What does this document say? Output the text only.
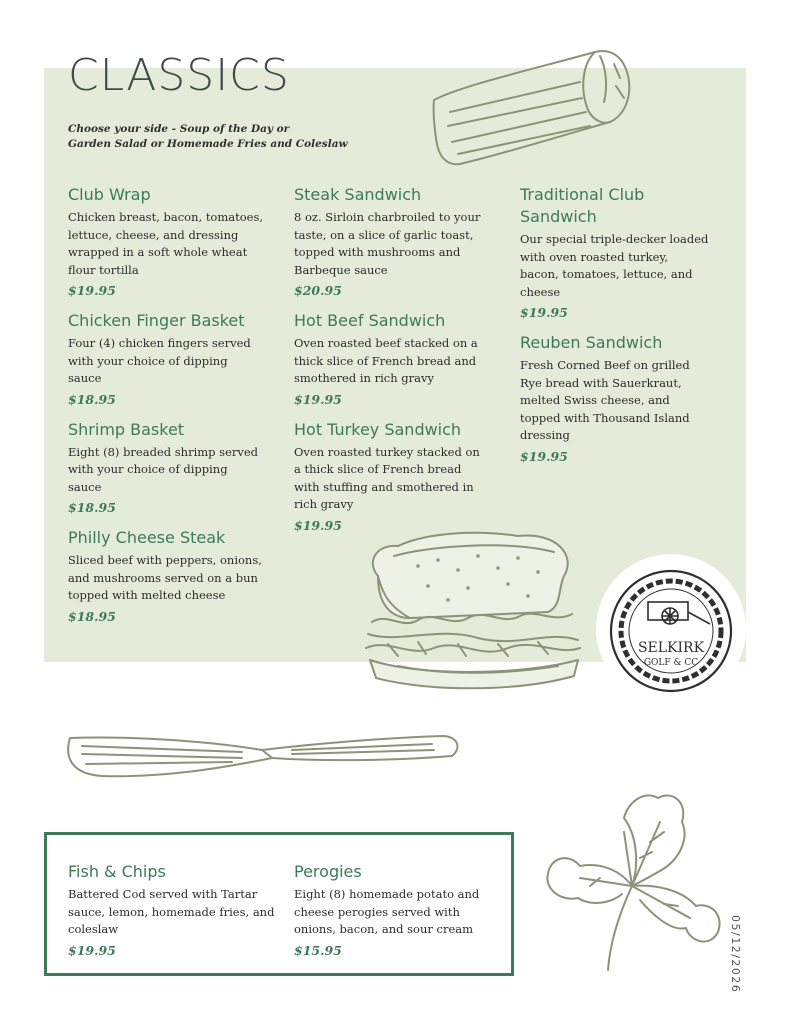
CLASSICS
Choose your side - Soup of the Day or
Garden Salad or Homemade Fries and Coleslaw
Club Wrap

Chicken breast, bacon, tomatoes, lettuce, cheese, and dressing wrapped in a soft whole wheat flour tortilla

$19.95

Chicken Finger Basket

Four (4) chicken fingers served with your choice of dipping sauce

$18.95

Shrimp Basket

Eight (8) breaded shrimp served with your choice of dipping sauce

$18.95

Philly Cheese Steak

Sliced beef with peppers, onions, and mushrooms served on a bun topped with melted cheese

$18.95

Steak Sandwich

8 oz. Sirloin charbroiled to your taste, on a slice of garlic toast, topped with mushrooms and Barbeque sauce

$20.95

Hot Beef Sandwich

Oven roasted beef stacked on a thick slice of French bread and smothered in rich gravy

$19.95

Hot Turkey Sandwich

Oven roasted turkey stacked on a thick slice of French bread with stuffing and smothered in rich gravy

$19.95

Traditional Club Sandwich

Our special triple-decker loaded with oven roasted turkey, bacon, tomatoes, lettuce, and cheese

$19.95

Reuben Sandwich

Fresh Corned Beef on grilled Rye bread with Sauerkraut, melted Swiss cheese, and topped with Thousand Island dressing

$19.95

SELKIRK
GOLF & CC
Fish & Chips

Battered Cod served with Tartar sauce, lemon, homemade fries, and coleslaw

$19.95

Perogies

Eight (8) homemade potato and cheese perogies served with onions, bacon, and sour cream

$15.95	05/12/2026
